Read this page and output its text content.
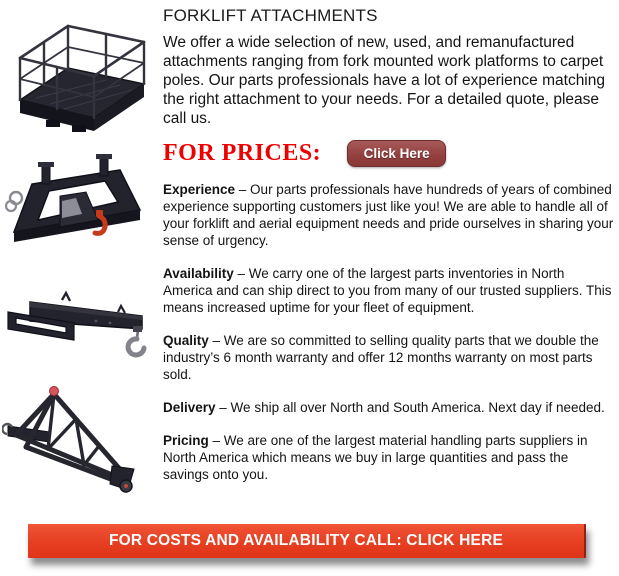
FORKLIFT ATTACHMENTS
We offer a wide selection of new, used, and remanufactured attachments ranging from fork mounted work platforms to carpet poles. Our parts professionals have a lot of experience matching the right attachment to your needs. For a detailed quote, please call us.
FOR PRICES:	Click Here

Experience – Our parts professionals have hundreds of years of combined experience supporting customers just like you! We are able to handle all of your forklift and aerial equipment needs and pride ourselves in sharing your sense of urgency.

Availability – We carry one of the largest parts inventories in North America and can ship direct to you from many of our trusted suppliers. This means increased uptime for your fleet of equipment.

Quality – We are so committed to selling quality parts that we double the industry’s 6 month warranty and offer 12 months warranty on most parts sold.

Delivery – We ship all over North and South America. Next day if needed.

Pricing – We are one of the largest material handling parts suppliers in North America which means we buy in large quantities and pass the savings onto you.

FOR COSTS AND AVAILABILITY CALL: CLICK HERE
